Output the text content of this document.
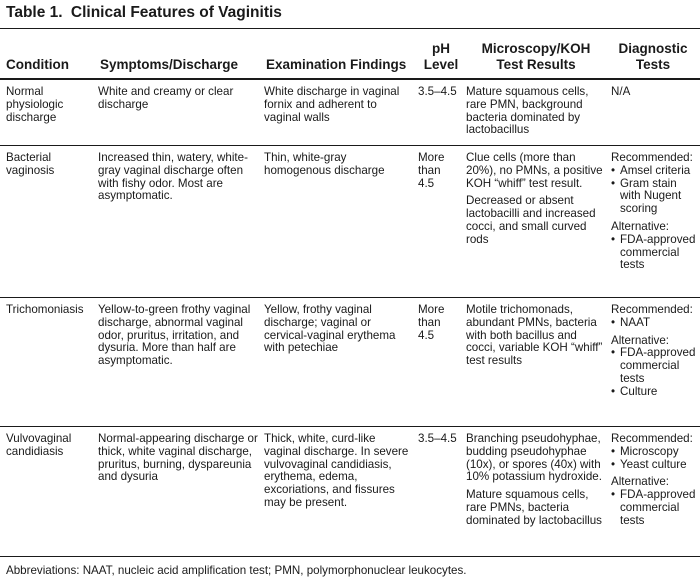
Table 1. Clinical Features of Vaginitis
Condition Symptoms/Discharge Examination Findings
pH Level
Microscopy/KOH Test Results
Diagnostic Tests
Normal physiologic discharge
White and creamy or clear discharge
White discharge in vaginal fornix and adherent to vaginal walls
3.5–4.5 Mature squamous cells, rare PMN, background bacteria dominated by lactobacillus

N/A
Bacterial vaginosis
Increased thin, watery, white-gray vaginal discharge often with fishy odor. Most are asymptomatic.
Thin, white-gray homogenous discharge
More than 4.5

Clue cells (more than 20%), no PMNs, a positive KOH “whiff” test result.

Decreased or absent lactobacilli and increased cocci, and small curved rods

Recommended:
• Amsel criteria
• Gram stain with Nugent scoring
Alternative:
• FDA-approved commercial tests
Trichomoniasis	Yellow-to-green frothy vaginal discharge, abnormal vaginal odor, pruritus, irritation, and dysuria. More than half are asymptomatic.
Yellow, frothy vaginal discharge; vaginal or cervical-vaginal erythema with petechiae
More than 4.5

Motile trichomonads, abundant PMNs, bacteria with both bacillus and cocci, variable KOH “whiff” test results

Recommended:
• NAAT
Alternative:
• FDA-approved commercial tests
• Culture
Vulvovaginal candidiasis
Normal-appearing discharge or thick, white vaginal discharge, pruritus, burning, dyspareunia and dysuria
Thick, white, curd-like vaginal discharge. In severe vulvovaginal candidiasis, erythema, edema, excoriations, and fissures may be present.
3.5–4.5 Branching pseudohyphae, budding pseudohyphae (10x), or spores (40x) with 10% potassium hydroxide.

Mature squamous cells, rare PMNs, bacteria dominated by lactobacillus

Recommended:
• Microscopy
• Yeast culture
Alternative:
• FDA-approved commercial tests
Abbreviations: NAAT, nucleic acid amplification test; PMN, polymorphonuclear leukocytes.
